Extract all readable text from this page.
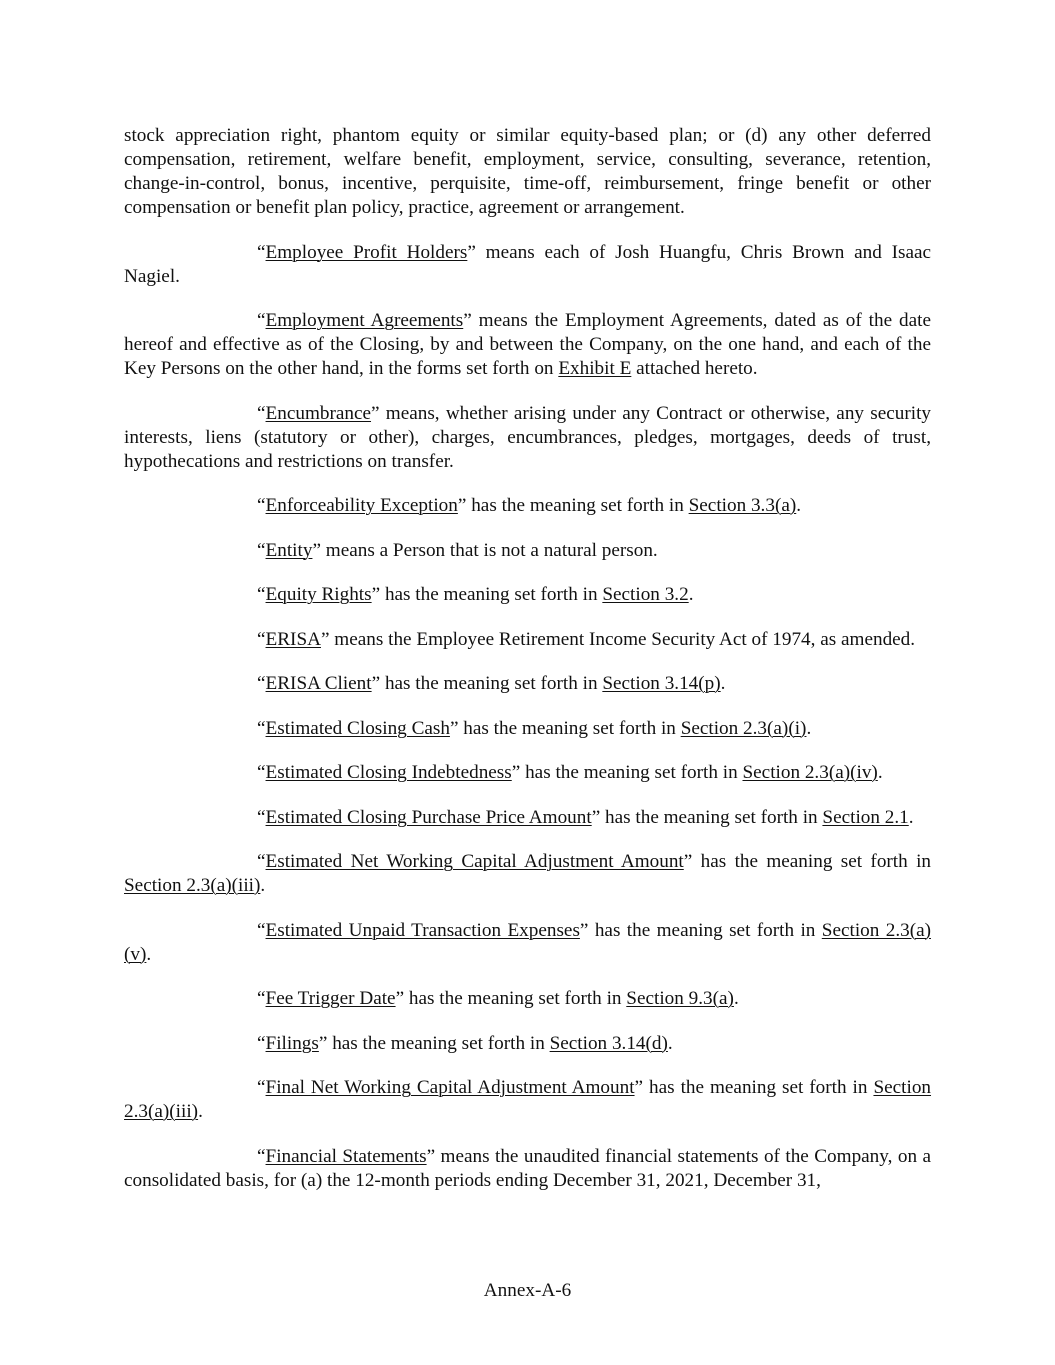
stock appreciation right, phantom equity or similar equity-based plan; or (d) any other deferred compensation, retirement, welfare benefit, employment, service, consulting, severance, retention, change-in-control, bonus, incentive, perquisite, time-off, reimbursement, fringe benefit or other compensation or benefit plan policy, practice, agreement or arrangement.

“Employee Profit Holders” means each of Josh Huangfu, Chris Brown and Isaac Nagiel.

“Employment Agreements” means the Employment Agreements, dated as of the date hereof and effective as of the Closing, by and between the Company, on the one hand, and each of the Key Persons on the other hand, in the forms set forth on Exhibit E attached hereto.

“Encumbrance” means, whether arising under any Contract or otherwise, any security interests, liens (statutory or other), charges, encumbrances, pledges, mortgages, deeds of trust, hypothecations and restrictions on transfer.

“Enforceability Exception” has the meaning set forth in Section 3.3(a).

“Entity” means a Person that is not a natural person.

“Equity Rights” has the meaning set forth in Section 3.2.

“ERISA” means the Employee Retirement Income Security Act of 1974, as amended.

“ERISA Client” has the meaning set forth in Section 3.14(p).

“Estimated Closing Cash” has the meaning set forth in Section 2.3(a)(i).

“Estimated Closing Indebtedness” has the meaning set forth in Section 2.3(a)(iv).

“Estimated Closing Purchase Price Amount” has the meaning set forth in Section 2.1.

“Estimated Net Working Capital Adjustment Amount” has the meaning set forth in Section 2.3(a)(iii).

“Estimated Unpaid Transaction Expenses” has the meaning set forth in Section 2.3(a)(v).

“Fee Trigger Date” has the meaning set forth in Section 9.3(a).

“Filings” has the meaning set forth in Section 3.14(d).

“Final Net Working Capital Adjustment Amount” has the meaning set forth in Section 2.3(a)(iii).

“Financial Statements” means the unaudited financial statements of the Company, on a consolidated basis, for (a) the 12-month periods ending December 31, 2021, December 31,

Annex-A-6
